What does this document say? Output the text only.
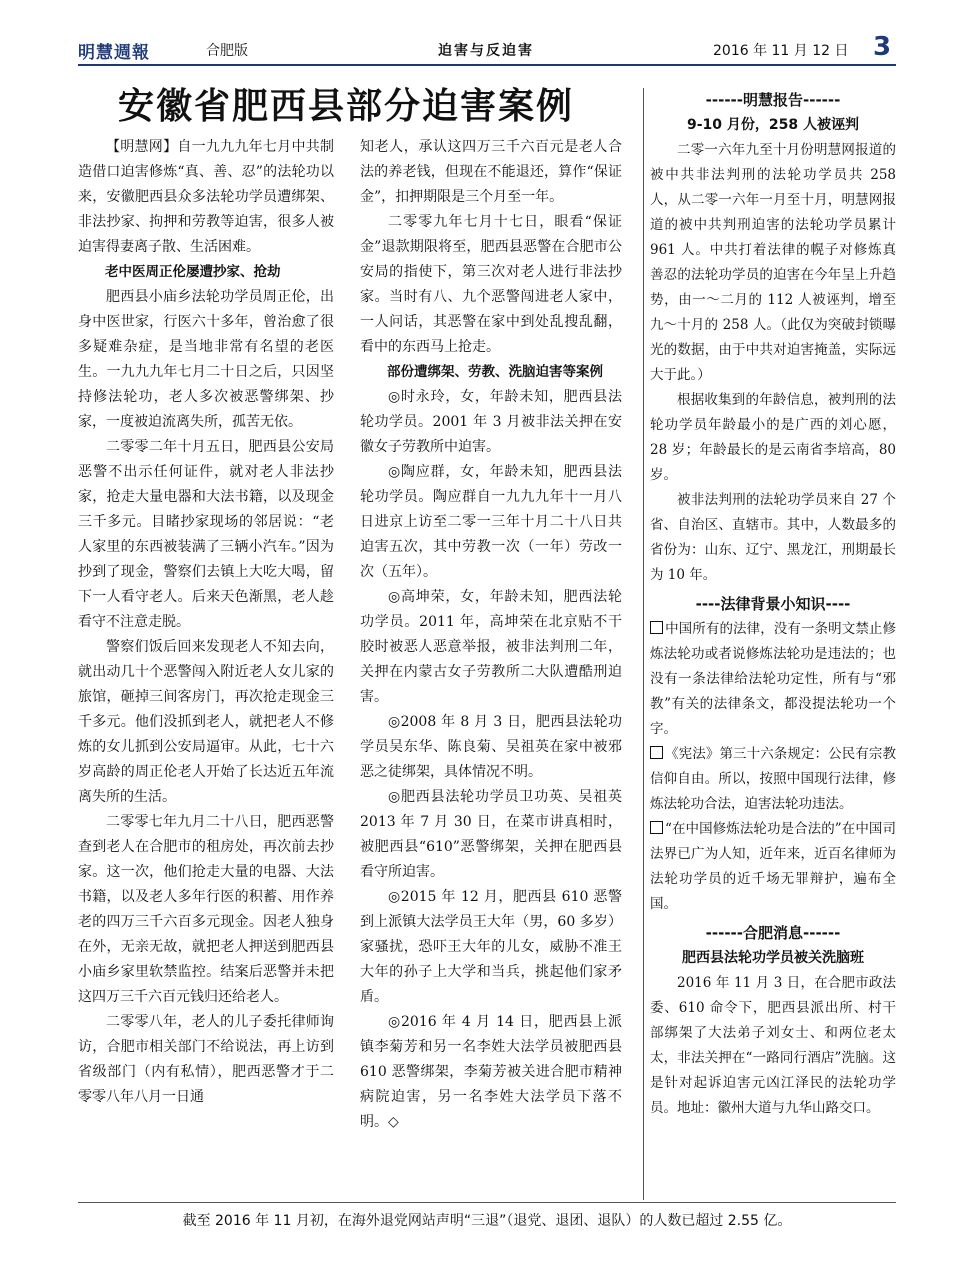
明慧週報	合肥版	迫害与反迫害	2016 年 11 月 12 日 3
安徽省肥西县部分迫害案例

【明慧网】自一九九九年七月中共制造借口迫害修炼“真、善、忍”的法轮功以来，安徽肥西县众多法轮功学员遭绑架、非法抄家、拘押和劳教等迫害，很多人被迫害得妻离子散、生活困难。

老中医周正伦屡遭抄家、抢劫

肥西县小庙乡法轮功学员周正伦，出身中医世家，行医六十多年，曾治愈了很多疑难杂症，是当地非常有名望的老医生。一九九九年七月二十日之后，只因坚持修法轮功，老人多次被恶警绑架、抄家，一度被迫流离失所，孤苦无依。

二零零二年十月五日，肥西县公安局恶警不出示任何证件，就对老人非法抄家，抢走大量电器和大法书籍，以及现金三千多元。目睹抄家现场的邻居说：“老人家里的东西被装满了三辆小汽车。”因为抄到了现金，警察们去镇上大吃大喝，留下一人看守老人。后来天色渐黑，老人趁看守不注意走脱。

警察们饭后回来发现老人不知去向，就出动几十个恶警闯入附近老人女儿家的旅馆，砸掉三间客房门，再次抢走现金三千多元。他们没抓到老人，就把老人不修炼的女儿抓到公安局逼审。从此，七十六岁高龄的周正伦老人开始了长达近五年流离失所的生活。

二零零七年九月二十八日，肥西恶警查到老人在合肥市的租房处，再次前去抄家。这一次，他们抢走大量的电器、大法书籍，以及老人多年行医的积蓄、用作养老的四万三千六百多元现金。因老人独身在外，无亲无故，就把老人押送到肥西县小庙乡家里软禁监控。结案后恶警并未把这四万三千六百元钱归还给老人。

二零零八年，老人的儿子委托律师询访，合肥市相关部门不给说法，再上访到省级部门（内有私情），肥西恶警才于二零零八年八月一日通

知老人，承认这四万三千六百元是老人合法的养老钱，但现在不能退还，算作“保证金”，扣押期限是三个月至一年。

二零零九年七月十七日，眼看“保证金”退款期限将至，肥西县恶警在合肥市公安局的指使下，第三次对老人进行非法抄家。当时有八、九个恶警闯进老人家中，一人问话，其恶警在家中到处乱搜乱翻，看中的东西马上抢走。

部份遭绑架、劳教、洗脑迫害等案例

◎时永玲，女，年龄未知，肥西县法轮功学员。2001 年 3 月被非法关押在安徽女子劳教所中迫害。

◎陶应群，女，年龄未知，肥西县法轮功学员。陶应群自一九九九年十一月八日进京上访至二零一三年十月二十八日共迫害五次，其中劳教一次（一年）劳改一次（五年）。

◎高坤荣，女，年龄未知，肥西法轮功学员。2011 年，高坤荣在北京贴不干胶时被恶人恶意举报，被非法判刑二年，关押在内蒙古女子劳教所二大队遭酷刑迫害。

◎2008 年 8 月 3 日，肥西县法轮功学员吴东华、陈良菊、吴祖英在家中被邪恶之徒绑架，具体情况不明。

◎肥西县法轮功学员卫功英、吴祖英 2013 年 7 月 30 日，在菜市讲真相时，被肥西县“610”恶警绑架，关押在肥西县看守所迫害。

◎2015 年 12 月，肥西县 610 恶警到上派镇大法学员王大年（男，60 多岁）家骚扰，恐吓王大年的儿女，威胁不准王大年的孙子上大学和当兵，挑起他们家矛盾。

◎2016 年 4 月 14 日，肥西县上派镇李菊芳和另一名李姓大法学员被肥西县 610 恶警绑架，李菊芳被关进合肥市精神病院迫害，另一名李姓大法学员下落不明。◇

------明慧报告------
9-10 月份，258 人被诬判

二零一六年九至十月份明慧网报道的被中共非法判刑的法轮功学员共 258 人，从二零一六年一月至十月，明慧网报道的被中共判刑迫害的法轮功学员累计 961 人。中共打着法律的幌子对修炼真善忍的法轮功学员的迫害在今年呈上升趋势，由一～二月的 112 人被诬判，增至九～十月的 258 人。（此仅为突破封锁曝光的数据，由于中共对迫害掩盖，实际远大于此。）

根据收集到的年龄信息，被判刑的法轮功学员年龄最小的是广西的刘心愿，28 岁；年龄最长的是云南省李培高，80 岁。

被非法判刑的法轮功学员来自 27 个省、自治区、直辖市。其中，人数最多的省份为：山东、辽宁、黑龙江，刑期最长为 10 年。

----法律背景小知识----

中国所有的法律，没有一条明文禁止修炼法轮功或者说修炼法轮功是违法的；也没有一条法律给法轮功定性，所有与“邪教”有关的法律条文，都没提法轮功一个字。

《宪法》第三十六条规定：公民有宗教信仰自由。所以，按照中国现行法律，修炼法轮功合法，迫害法轮功违法。

“在中国修炼法轮功是合法的”在中国司法界已广为人知，近年来，近百名律师为法轮功学员的近千场无罪辩护，遍布全国。

------合肥消息------
肥西县法轮功学员被关洗脑班

2016 年 11 月 3 日，在合肥市政法委、610 命令下，肥西县派出所、村干部绑架了大法弟子刘女士、和两位老太太，非法关押在“一路同行酒店”洗脑。这是针对起诉迫害元凶江泽民的法轮功学员。地址：徽州大道与九华山路交口。

截至 2016 年 11 月初，在海外退党网站声明“三退”（退党、退团、退队）的人数已超过 2.55 亿。
